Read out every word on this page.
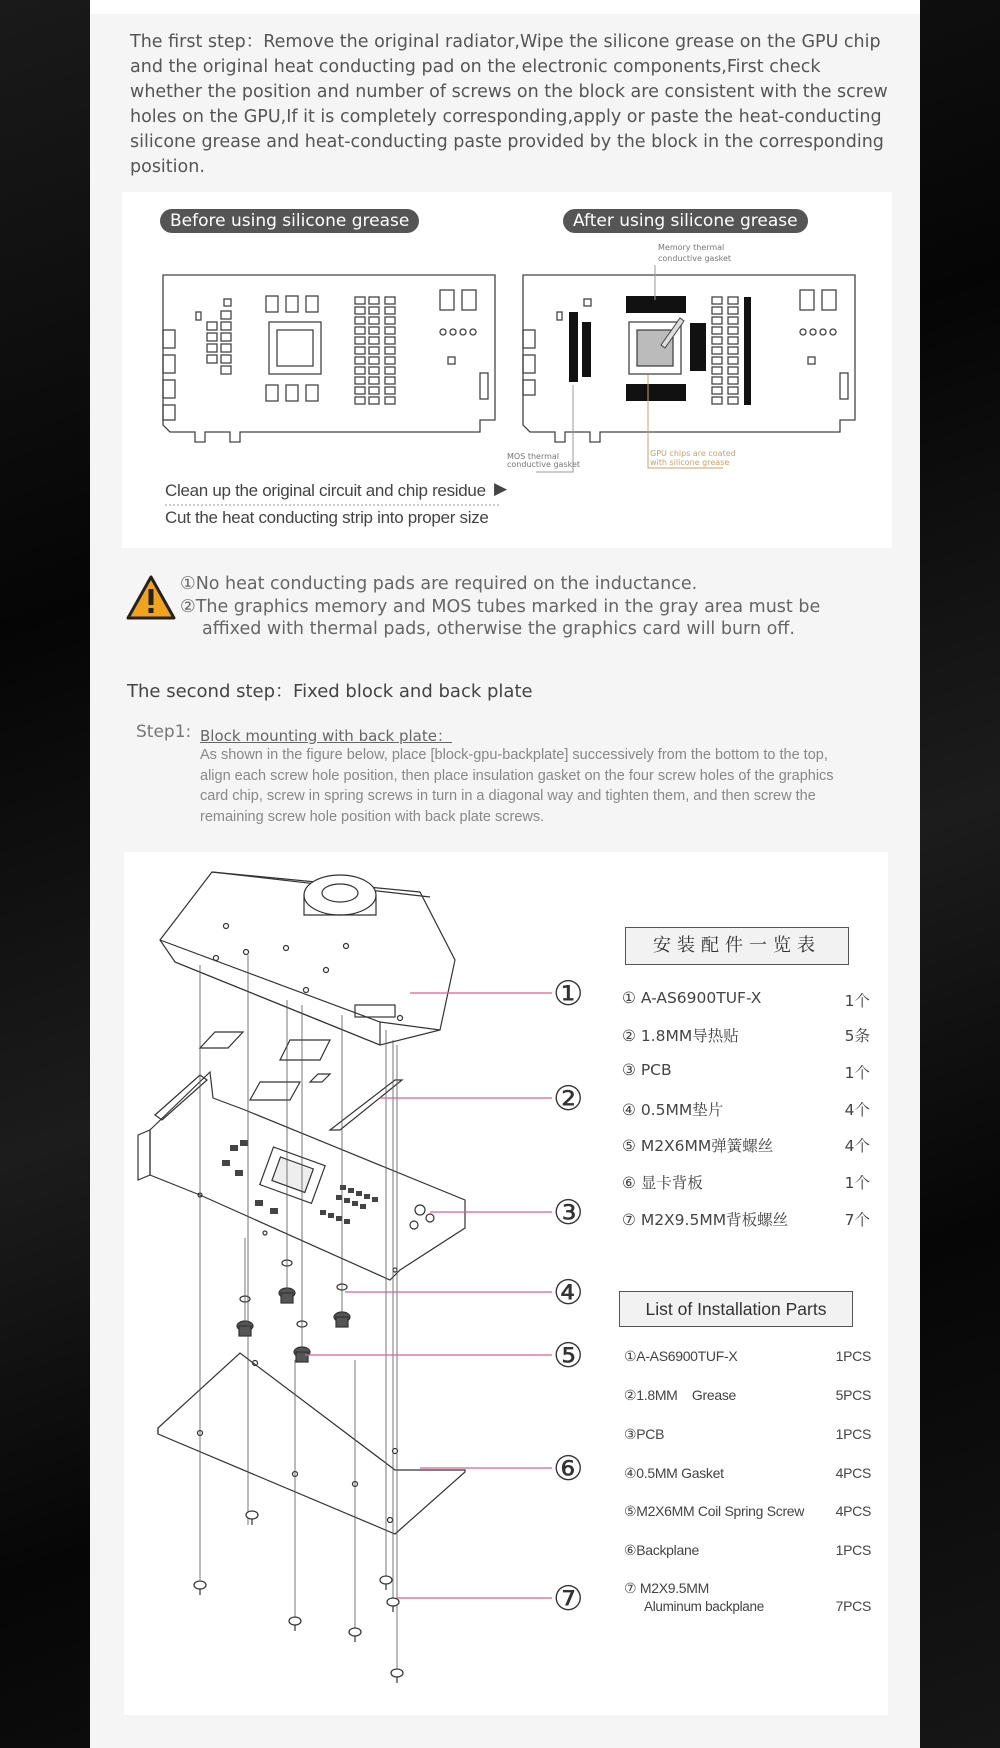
The first step：Remove the original radiator,Wipe the silicone grease on the GPU chip and the original heat conducting pad on the electronic components,First check whether the position and number of screws on the block are consistent with the screw holes on the GPU,If it is completely corresponding,apply or paste the heat-conducting silicone grease and heat-conducting paste provided by the block in the corresponding position.
Before using silicone grease	After using silicone grease
Memory thermal
conductive gasket
MOS thermal
conductive gasket
GPU chips are coated
with silicone grease
Clean up the original circuit and chip residue ▶
Cut the heat conducting strip into proper size
①No heat conducting pads are required on the inductance.
②The graphics memory and MOS tubes marked in the gray area must be
affixed with thermal pads, otherwise the graphics card will burn off.
The second step：Fixed block and back plate
Step1: Block mounting with back plate：
As shown in the figure below, place [block-gpu-backplate] successively from the bottom to the top, align each screw hole position, then place insulation gasket on the four screw holes of the graphics card chip, screw in spring screws in turn in a diagonal way and tighten them, and then screw the remaining screw hole position with back plate screws.
①
②
③
④
⑤
⑥
⑦
安装配件一览表
① A-AS6900TUF-X	1个
② 1.8MM导热贴	5条
③ PCB	1个
④ 0.5MM垫片	4个
⑤ M2X6MM弹簧螺丝	4个
⑥ 显卡背板	1个
⑦ M2X9.5MM背板螺丝	7个
List of Installation Parts
①A-AS6900TUF-X	1PCS
②1.8MM    Grease	5PCS
③PCB	1PCS
④0.5MM Gasket	4PCS
⑤M2X6MM Coil Spring Screw 4PCS
⑥Backplane	1PCS
⑦ M2X9.5MM
Aluminum backplane	7PCS
